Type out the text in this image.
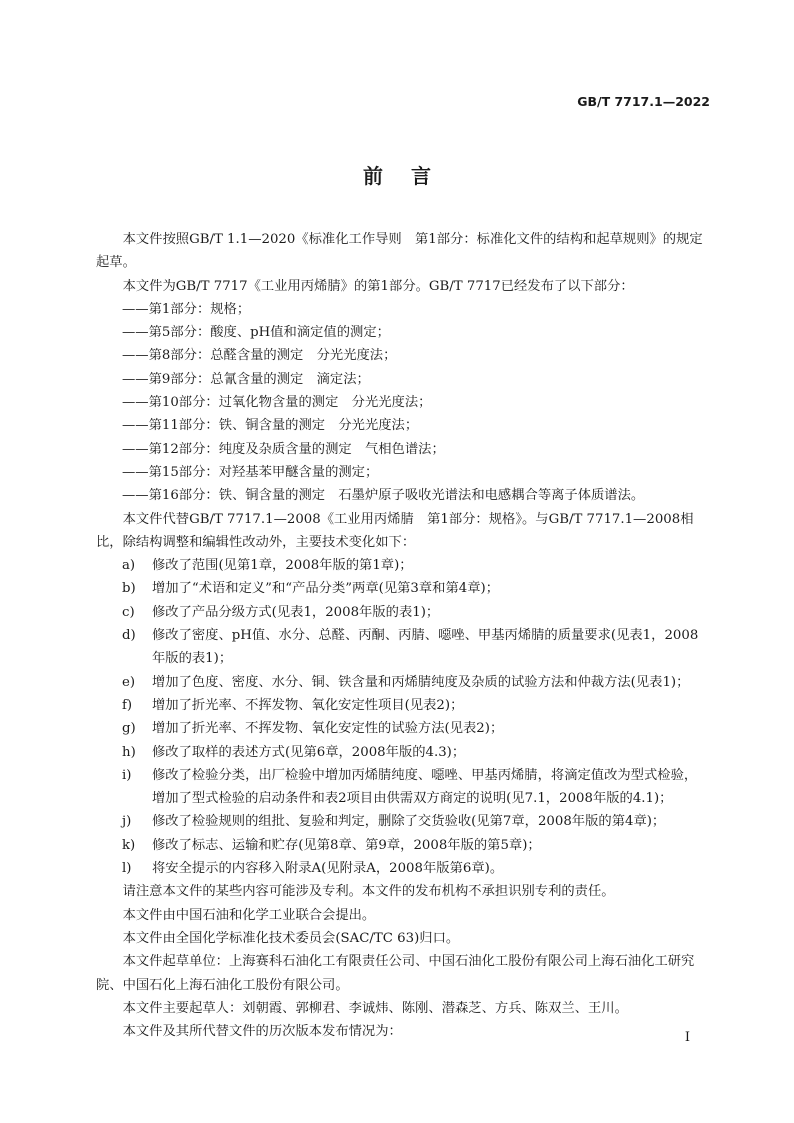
GB/T 7717.1—2022
前 言

本文件按照GB/T 1.1—2020《标准化工作导则　第1部分：标准化文件的结构和起草规则》的规定起草。

本文件为GB/T 7717《工业用丙烯腈》的第1部分。GB/T 7717已经发布了以下部分：

——第1部分：规格；

——第5部分：酸度、pH值和滴定值的测定；

——第8部分：总醛含量的测定　分光光度法；

——第9部分：总氰含量的测定　滴定法；

——第10部分：过氧化物含量的测定　分光光度法；

——第11部分：铁、铜含量的测定　分光光度法；

——第12部分：纯度及杂质含量的测定　气相色谱法；

——第15部分：对羟基苯甲醚含量的测定；

——第16部分：铁、铜含量的测定　石墨炉原子吸收光谱法和电感耦合等离子体质谱法。

本文件代替GB/T 7717.1—2008《工业用丙烯腈　第1部分：规格》。与GB/T 7717.1—2008相比，除结构调整和编辑性改动外，主要技术变化如下：

a) 修改了范围(见第1章，2008年版的第1章)；

b) 增加了“术语和定义”和“产品分类”两章(见第3章和第4章)；

c) 修改了产品分级方式(见表1，2008年版的表1)；

d) 修改了密度、pH值、水分、总醛、丙酮、丙腈、噁唑、甲基丙烯腈的质量要求(见表1，2008年版的表1)；

e) 增加了色度、密度、水分、铜、铁含量和丙烯腈纯度及杂质的试验方法和仲裁方法(见表1)；

f) 增加了折光率、不挥发物、氧化安定性项目(见表2)；

g) 增加了折光率、不挥发物、氧化安定性的试验方法(见表2)；

h) 修改了取样的表述方式(见第6章，2008年版的4.3)；

i) 修改了检验分类，出厂检验中增加丙烯腈纯度、噁唑、甲基丙烯腈，将滴定值改为型式检验，增加了型式检验的启动条件和表2项目由供需双方商定的说明(见7.1，2008年版的4.1)；

j) 修改了检验规则的组批、复验和判定，删除了交货验收(见第7章，2008年版的第4章)；

k) 修改了标志、运输和贮存(见第8章、第9章，2008年版的第5章)；

l) 将安全提示的内容移入附录A(见附录A，2008年版第6章)。

请注意本文件的某些内容可能涉及专利。本文件的发布机构不承担识别专利的责任。

本文件由中国石油和化学工业联合会提出。

本文件由全国化学标准化技术委员会(SAC/TC 63)归口。

本文件起草单位：上海赛科石油化工有限责任公司、中国石油化工股份有限公司上海石油化工研究院、中国石化上海石油化工股份有限公司。

本文件主要起草人：刘朝霞、郭柳君、李诚炜、陈刚、潜森芝、方兵、陈双兰、王川。

本文件及其所代替文件的历次版本发布情况为：	I
